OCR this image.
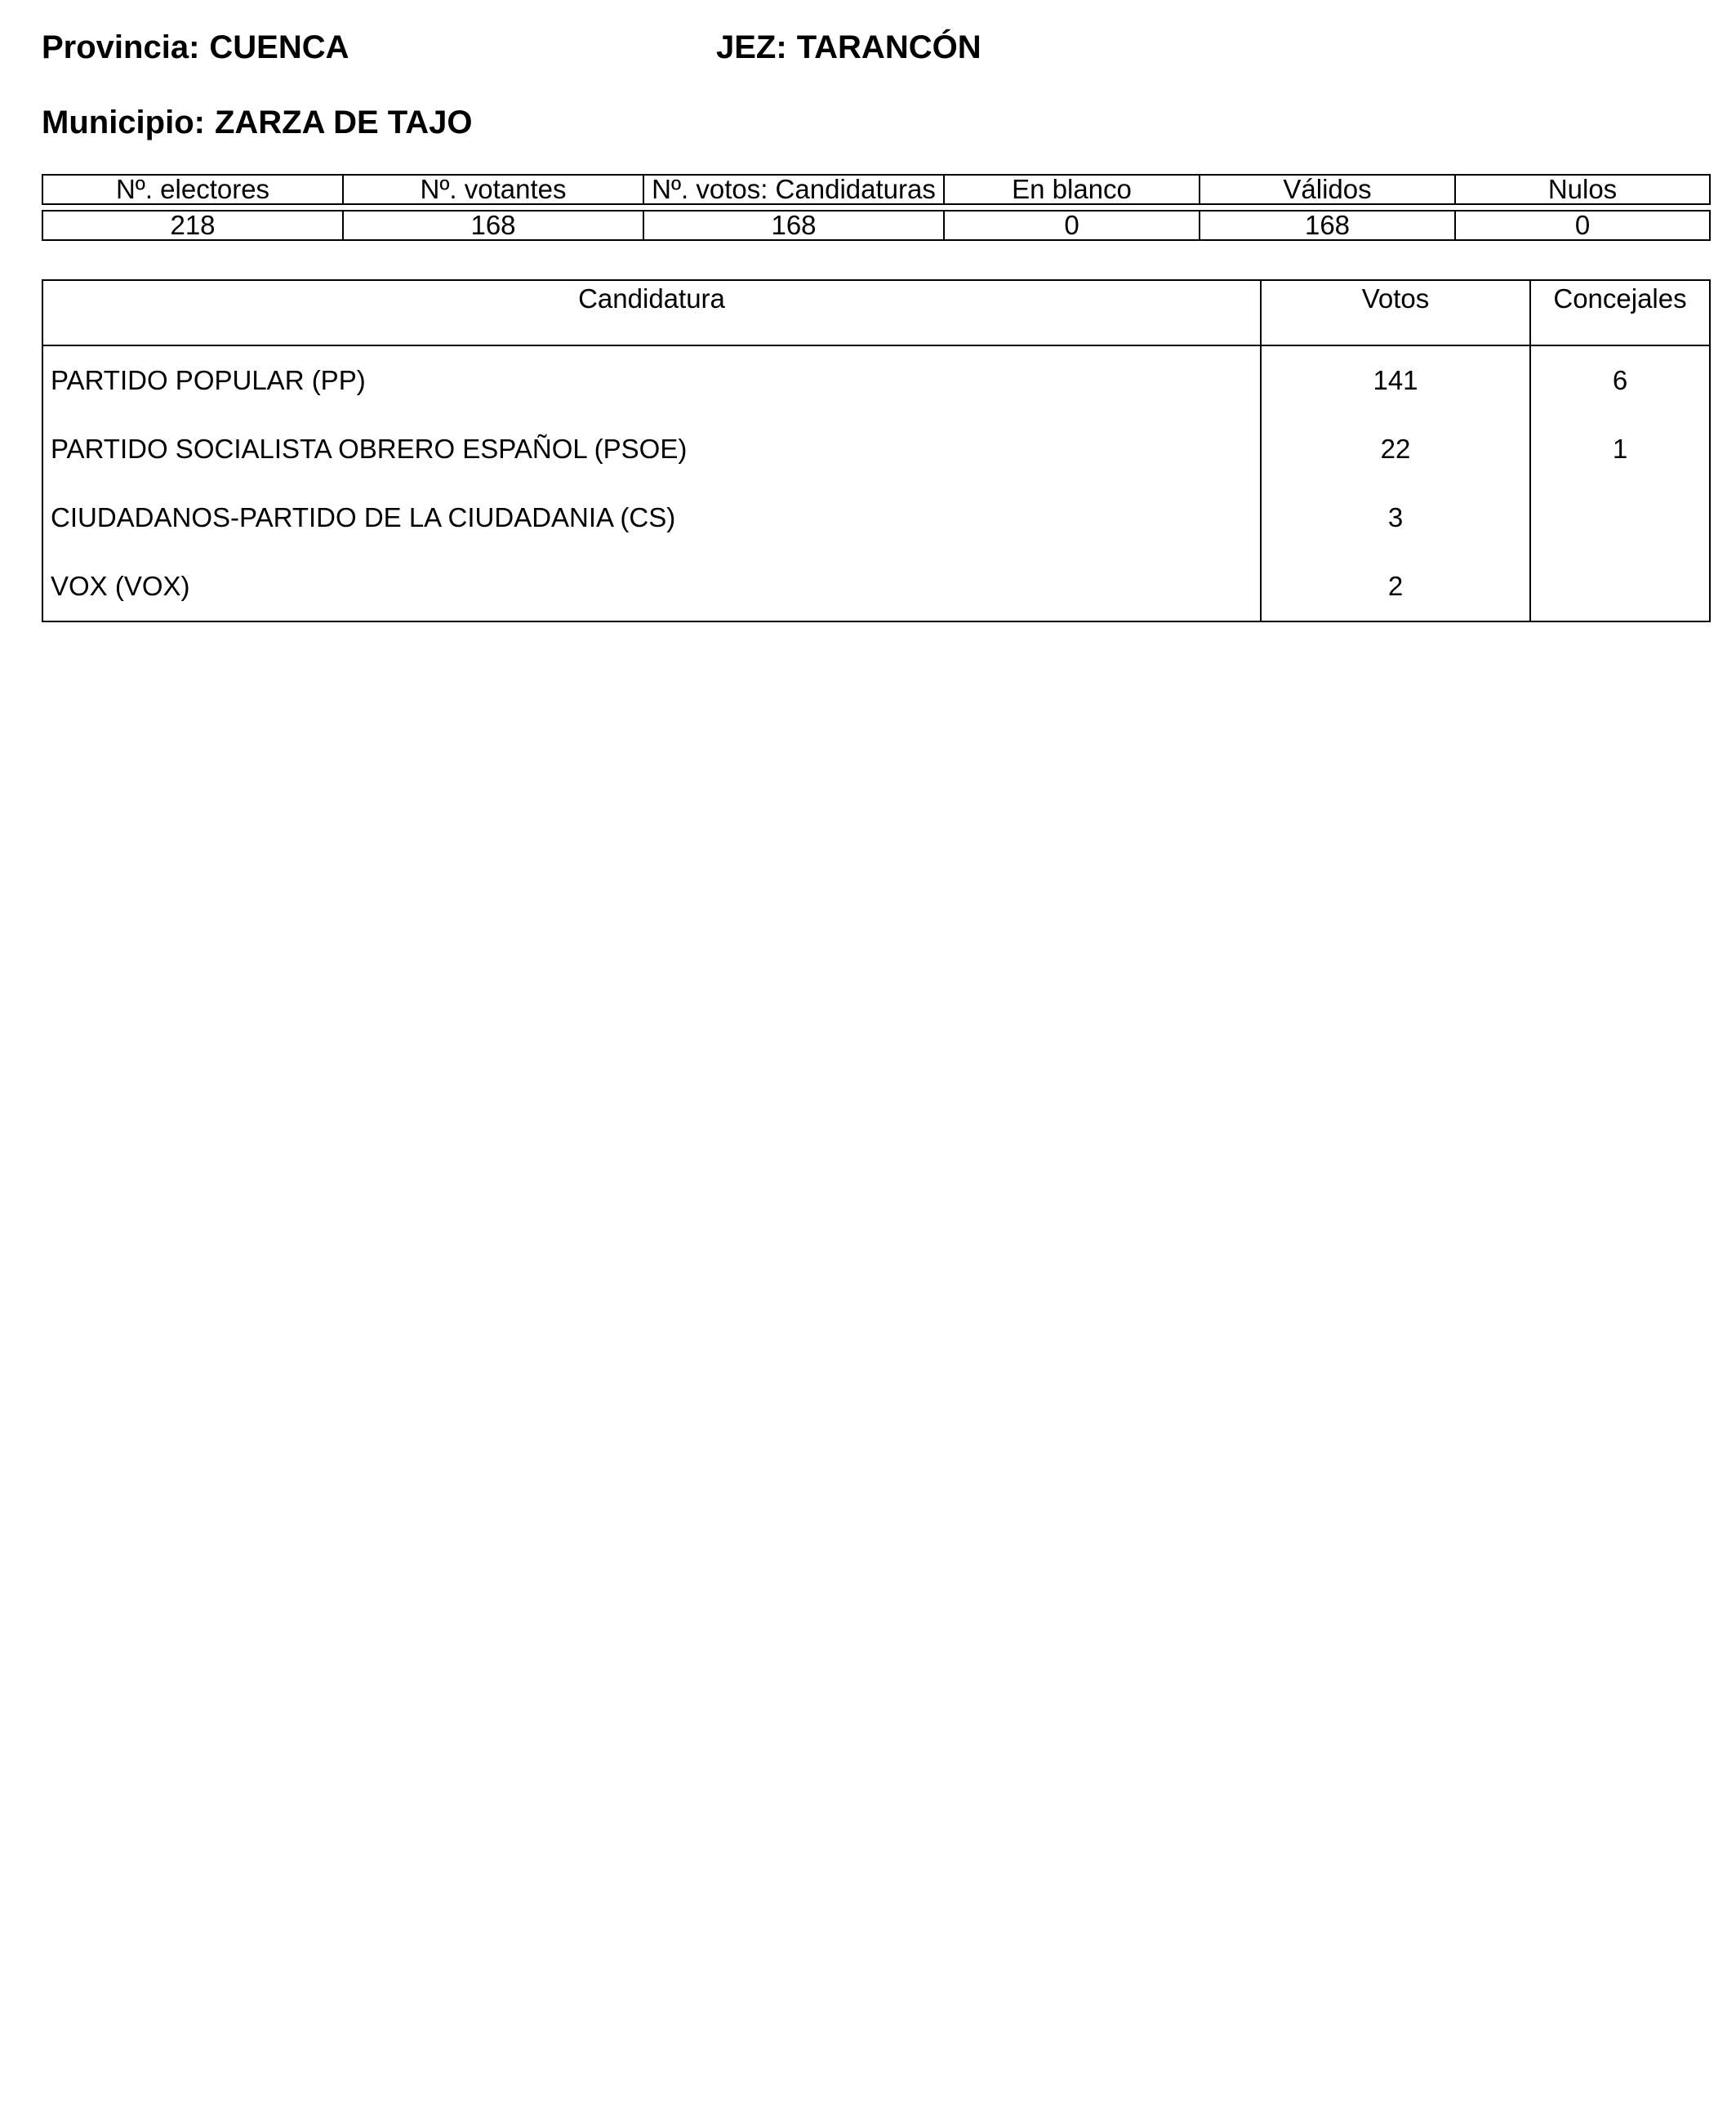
Provincia: CUENCA	JEZ: TARANCÓN
Municipio: ZARZA DE TAJO
Nº. electores	Nº. votantes	Nº. votos: Candidaturas	En blanco	Válidos	Nulos

218	168	168	0	168	0
Candidatura	Votos	Concejales
PARTIDO POPULAR (PP)	141	6
PARTIDO SOCIALISTA OBRERO ESPAÑOL (PSOE)	22	1
CIUDADANOS-PARTIDO DE LA CIUDADANIA (CS)	3	
VOX (VOX)	2	
